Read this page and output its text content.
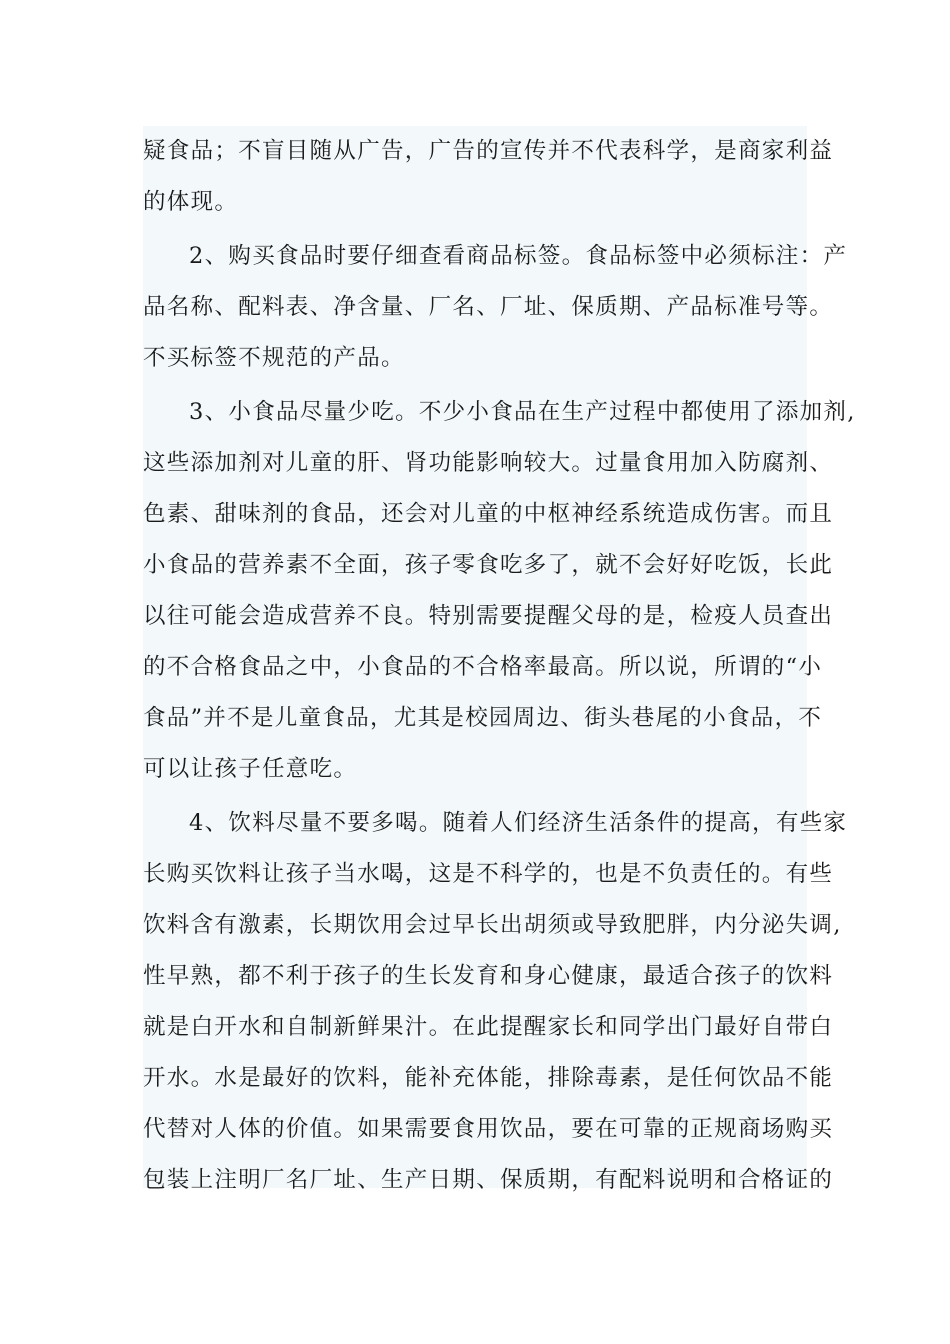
疑食品；不盲目随从广告，广告的宣传并不代表科学，是商家利益
的体现。
2、购买食品时要仔细查看商品标签。食品标签中必须标注：产
品名称、配料表、净含量、厂名、厂址、保质期、产品标准号等。
不买标签不规范的产品。
3、小食品尽量少吃。不少小食品在生产过程中都使用了添加剂,
这些添加剂对儿童的肝、肾功能影响较大。过量食用加入防腐剂、
色素、甜味剂的食品，还会对儿童的中枢神经系统造成伤害。而且
小食品的营养素不全面，孩子零食吃多了，就不会好好吃饭，长此
以往可能会造成营养不良。特别需要提醒父母的是，检疫人员查出
的不合格食品之中，小食品的不合格率最高。所以说，所谓的“小
食品”并不是儿童食品，尤其是校园周边、街头巷尾的小食品，不
可以让孩子任意吃。
4、饮料尽量不要多喝。随着人们经济生活条件的提高，有些家
长购买饮料让孩子当水喝，这是不科学的，也是不负责任的。有些
饮料含有激素，长期饮用会过早长出胡须或导致肥胖，内分泌失调,
性早熟，都不利于孩子的生长发育和身心健康，最适合孩子的饮料
就是白开水和自制新鲜果汁。在此提醒家长和同学出门最好自带白
开水。水是最好的饮料，能补充体能，排除毒素，是任何饮品不能
代替对人体的价值。如果需要食用饮品，要在可靠的正规商场购买
包装上注明厂名厂址、生产日期、保质期，有配料说明和合格证的
